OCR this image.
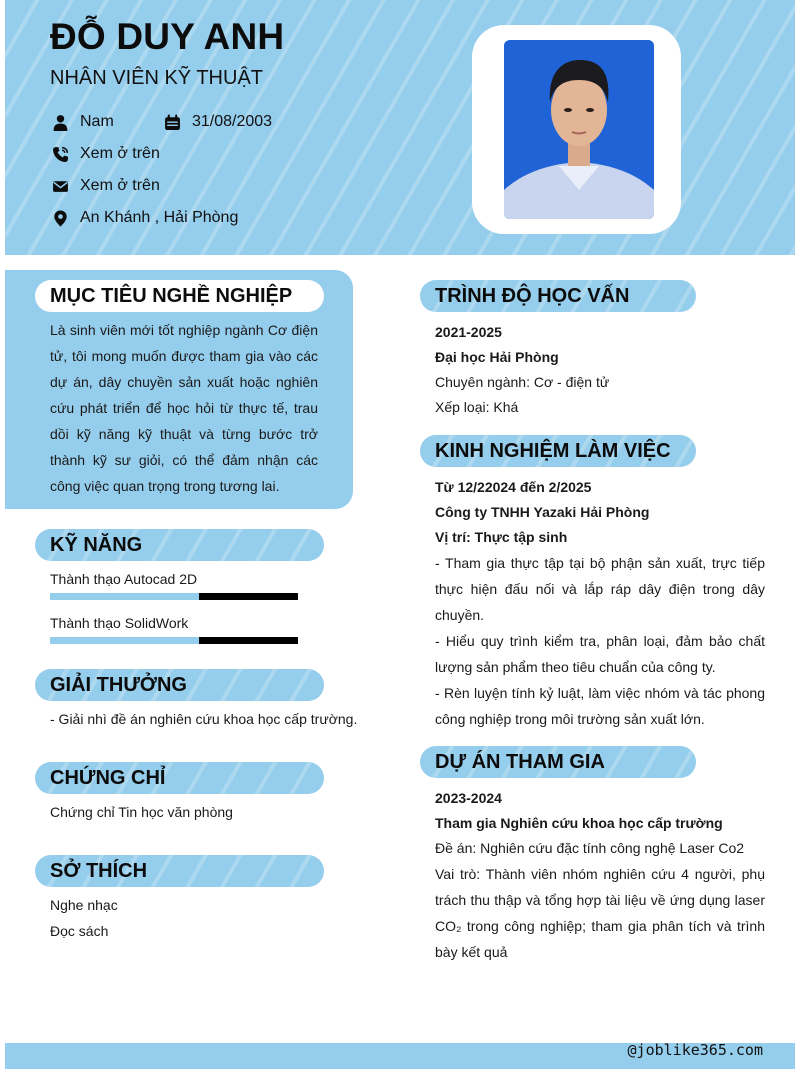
ĐỖ DUY ANH
NHÂN VIÊN KỸ THUẬT
Nam	31/08/2003
Xem ở trên
Xem ở trên
An Khánh , Hải Phòng
MỤC TIÊU NGHỀ NGHIỆP
Là sinh viên mới tốt nghiệp ngành Cơ điện tử, tôi mong muốn được tham gia vào các dự án, dây chuyền sản xuất hoặc nghiên cứu phát triển để học hỏi từ thực tế, trau dồi kỹ năng kỹ thuật và từng bước trở thành kỹ sư giỏi, có thể đảm nhận các công việc quan trọng trong tương lai.
KỸ NĂNG
Thành thạo Autocad 2D
Thành thạo SolidWork
GIẢI THƯỞNG
- Giải nhì đề án nghiên cứu khoa học cấp trường.
CHỨNG CHỈ
Chứng chỉ Tin học văn phòng
SỞ THÍCH
Nghe nhạc
Đọc sách
TRÌNH ĐỘ HỌC VẤN
2021-2025
Đại học Hải Phòng
Chuyên ngành: Cơ - điện tử
Xếp loại: Khá
KINH NGHIỆM LÀM VIỆC
Từ 12/22024 đến 2/2025
Công ty TNHH Yazaki Hải Phòng
Vị trí: Thực tập sinh
- Tham gia thực tập tại bộ phận sản xuất, trực tiếp thực hiện đấu nối và lắp ráp dây điện trong dây chuyền.
- Hiểu quy trình kiểm tra, phân loại, đảm bảo chất lượng sản phẩm theo tiêu chuẩn của công ty.
- Rèn luyện tính kỷ luật, làm việc nhóm và tác phong công nghiệp trong môi trường sản xuất lớn.
DỰ ÁN THAM GIA
2023-2024
Tham gia Nghiên cứu khoa học cấp trường
Đề án: Nghiên cứu đặc tính công nghệ Laser Co2
Vai trò: Thành viên nhóm nghiên cứu 4 người, phụ trách thu thập và tổng hợp tài liệu về ứng dụng laser CO₂ trong công nghiệp; tham gia phân tích và trình bày kết quả
@joblike365.com
